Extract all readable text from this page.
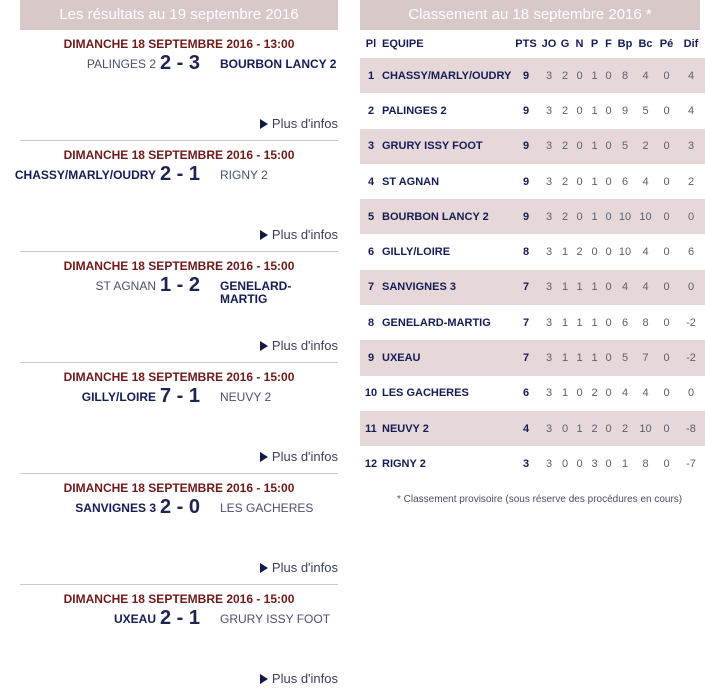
Les résultats au 19 septembre 2016
DIMANCHE 18 SEPTEMBRE 2016 - 13:00
PALINGES 2 2 - 3	BOURBON LANCY 2
Plus d'infos
DIMANCHE 18 SEPTEMBRE 2016 - 15:00
CHASSY/MARLY/OUDRY 2 - 1	RIGNY 2
Plus d'infos
DIMANCHE 18 SEPTEMBRE 2016 - 15:00
ST AGNAN 1 - 2	GENELARD-MARTIG
Plus d'infos
DIMANCHE 18 SEPTEMBRE 2016 - 15:00
GILLY/LOIRE 7 - 1	NEUVY 2
Plus d'infos
DIMANCHE 18 SEPTEMBRE 2016 - 15:00
SANVIGNES 3 2 - 0	LES GACHERES
Plus d'infos
DIMANCHE 18 SEPTEMBRE 2016 - 15:00
UXEAU 2 - 1	GRURY ISSY FOOT
Plus d'infos
Classement au 18 septembre 2016 *
Pl	EQUIPE	PTS	JO	G	N	P	F	Bp	Bc	Pé	Dif
1	CHASSY/MARLY/OUDRY	9	3	2	0	1	0	8	4	0	4
2	PALINGES 2	9	3	2	0	1	0	9	5	0	4
3	GRURY ISSY FOOT	9	3	2	0	1	0	5	2	0	3
4	ST AGNAN	9	3	2	0	1	0	6	4	0	2
5	BOURBON LANCY 2	9	3	2	0	1	0	10	10	0	0
6	GILLY/LOIRE	8	3	1	2	0	0	10	4	0	6
7	SANVIGNES 3	7	3	1	1	1	0	4	4	0	0
8	GENELARD-MARTIG	7	3	1	1	1	0	6	8	0	-2
9	UXEAU	7	3	1	1	1	0	5	7	0	-2
10	LES GACHERES	6	3	1	0	2	0	4	4	0	0
11	NEUVY 2	4	3	0	1	2	0	2	10	0	-8
12	RIGNY 2	3	3	0	0	3	0	1	8	0	-7
* Classement provisoire (sous réserve des procédures en cours)
